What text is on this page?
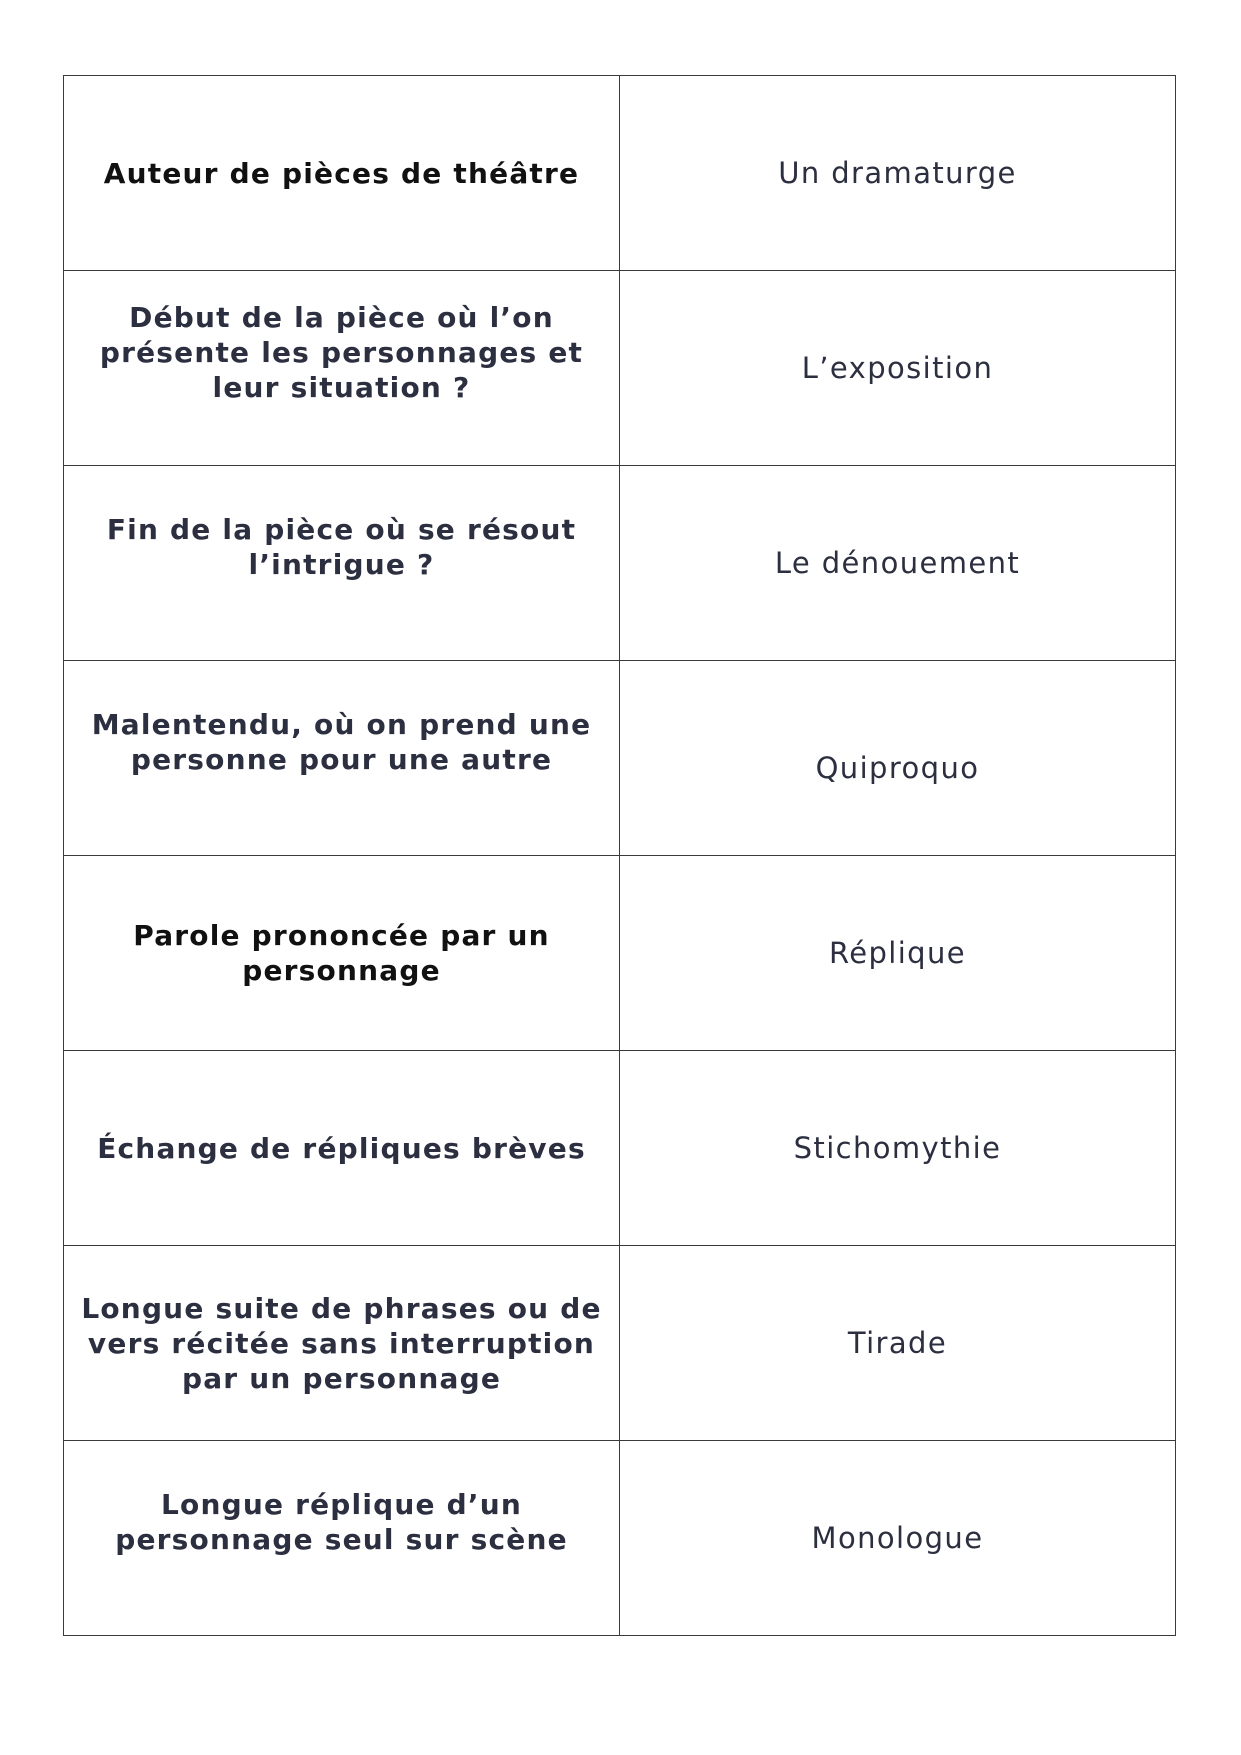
Auteur de pièces de théâtre	Un dramaturge
Début de la pièce où l’on présente les personnages et leur situation ?	L’exposition
Fin de la pièce où se résout l’intrigue ?	Le dénouement
Malentendu, où on prend une personne pour une autre	Quiproquo
Parole prononcée par un personnage	Réplique
Échange de répliques brèves	Stichomythie
Longue suite de phrases ou de vers récitée sans interruption par un personnage	Tirade
Longue réplique d’un personnage seul sur scène	Monologue
